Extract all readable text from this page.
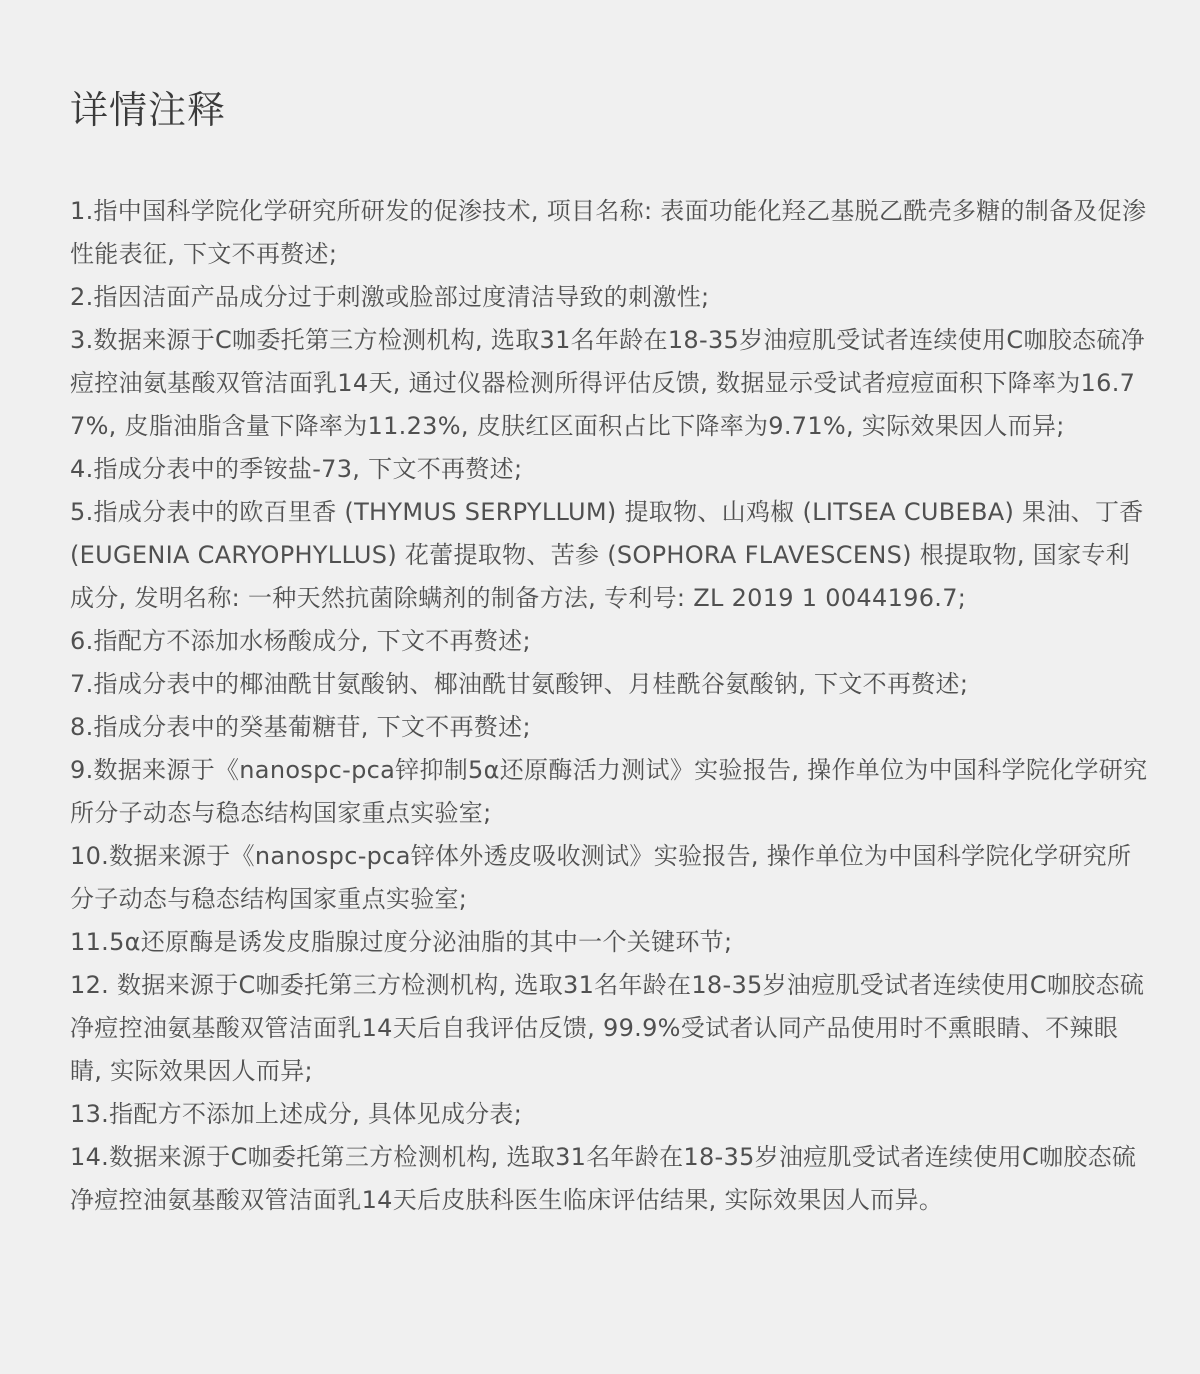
详情注释
1.指中国科学院化学研究所研发的促渗技术, 项目名称: 表面功能化羟乙基脱乙酰壳多糖的制备及促渗性能表征, 下文不再赘述;
2.指因洁面产品成分过于刺激或脸部过度清洁导致的刺激性;
3.数据来源于C咖委托第三方检测机构, 选取31名年龄在18-35岁油痘肌受试者连续使用C咖胶态硫净痘控油氨基酸双管洁面乳14天, 通过仪器检测所得评估反馈, 数据显示受试者痘痘面积下降率为16.77%, 皮脂油脂含量下降率为11.23%, 皮肤红区面积占比下降率为9.71%, 实际效果因人而异;
4.指成分表中的季铵盐-73, 下文不再赘述;
5.指成分表中的欧百里香 (THYMUS SERPYLLUM) 提取物、山鸡椒 (LITSEA CUBEBA) 果油、丁香 (EUGENIA CARYOPHYLLUS) 花蕾提取物、苦参 (SOPHORA FLAVESCENS) 根提取物, 国家专利成分, 发明名称: 一种天然抗菌除螨剂的制备方法, 专利号: ZL 2019 1 0044196.7;
6.指配方不添加水杨酸成分, 下文不再赘述;
7.指成分表中的椰油酰甘氨酸钠、椰油酰甘氨酸钾、月桂酰谷氨酸钠, 下文不再赘述;
8.指成分表中的癸基葡糖苷, 下文不再赘述;
9.数据来源于《nanospc-pca锌抑制5α还原酶活力测试》实验报告, 操作单位为中国科学院化学研究所分子动态与稳态结构国家重点实验室;
10.数据来源于《nanospc-pca锌体外透皮吸收测试》实验报告, 操作单位为中国科学院化学研究所分子动态与稳态结构国家重点实验室;
11.5α还原酶是诱发皮脂腺过度分泌油脂的其中一个关键环节;
12. 数据来源于C咖委托第三方检测机构, 选取31名年龄在18-35岁油痘肌受试者连续使用C咖胶态硫净痘控油氨基酸双管洁面乳14天后自我评估反馈, 99.9%受试者认同产品使用时不熏眼睛、不辣眼睛, 实际效果因人而异;
13.指配方不添加上述成分, 具体见成分表;
14.数据来源于C咖委托第三方检测机构, 选取31名年龄在18-35岁油痘肌受试者连续使用C咖胶态硫净痘控油氨基酸双管洁面乳14天后皮肤科医生临床评估结果, 实际效果因人而异。
